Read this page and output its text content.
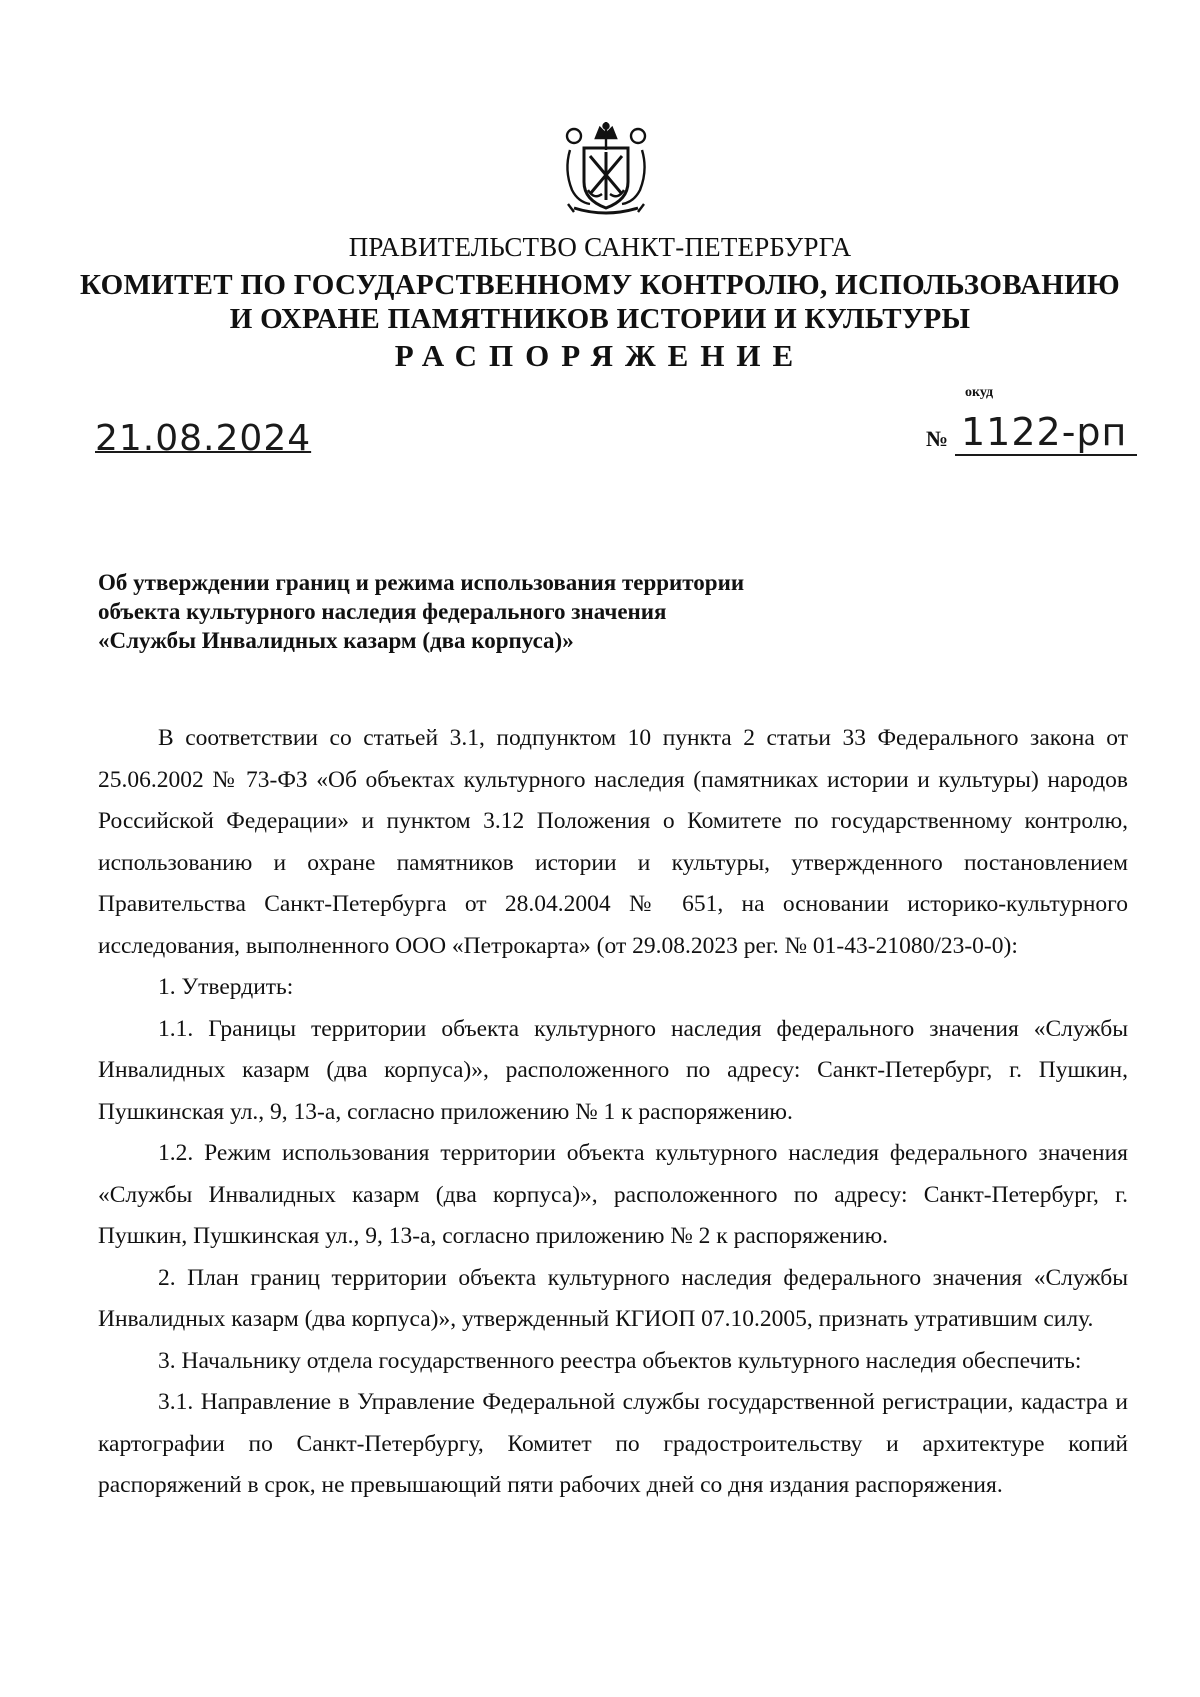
ПРАВИТЕЛЬСТВО САНКТ-ПЕТЕРБУРГА
КОМИТЕТ ПО ГОСУДАРСТВЕННОМУ КОНТРОЛЮ, ИСПОЛЬЗОВАНИЮ
И ОХРАНЕ ПАМЯТНИКОВ ИСТОРИИ И КУЛЬТУРЫ
РАСПОРЯЖЕНИЕ
окуд
21.08.2024	№ 1122-рп
Об утверждении границ и режима использования территории
объекта культурного наследия федерального значения
«Службы Инвалидных казарм (два корпуса)»

В соответствии со статьей 3.1, подпунктом 10 пункта 2 статьи 33 Федерального закона от 25.06.2002 № 73-ФЗ «Об объектах культурного наследия (памятниках истории и культуры) народов Российской Федерации» и пунктом 3.12 Положения о Комитете по государственному контролю, использованию и охране памятников истории и культуры, утвержденного постановлением Правительства Санкт-Петербурга от 28.04.2004 № 651, на основании историко-культурного исследования, выполненного ООО «Петрокарта» (от 29.08.2023 рег. № 01-43-21080/23-0-0):

1. Утвердить:

1.1. Границы территории объекта культурного наследия федерального значения «Службы Инвалидных казарм (два корпуса)», расположенного по адресу: Санкт-Петербург, г. Пушкин, Пушкинская ул., 9, 13-а, согласно приложению № 1 к распоряжению.

1.2. Режим использования территории объекта культурного наследия федерального значения «Службы Инвалидных казарм (два корпуса)», расположенного по адресу: Санкт-Петербург, г. Пушкин, Пушкинская ул., 9, 13-а, согласно приложению № 2 к распоряжению.

2. План границ территории объекта культурного наследия федерального значения «Службы Инвалидных казарм (два корпуса)», утвержденный КГИОП 07.10.2005, признать утратившим силу.

3. Начальнику отдела государственного реестра объектов культурного наследия обеспечить:

3.1. Направление в Управление Федеральной службы государственной регистрации, кадастра и картографии по Санкт-Петербургу, Комитет по градостроительству и архитектуре копий распоряжений в срок, не превышающий пяти рабочих дней со дня издания распоряжения.
